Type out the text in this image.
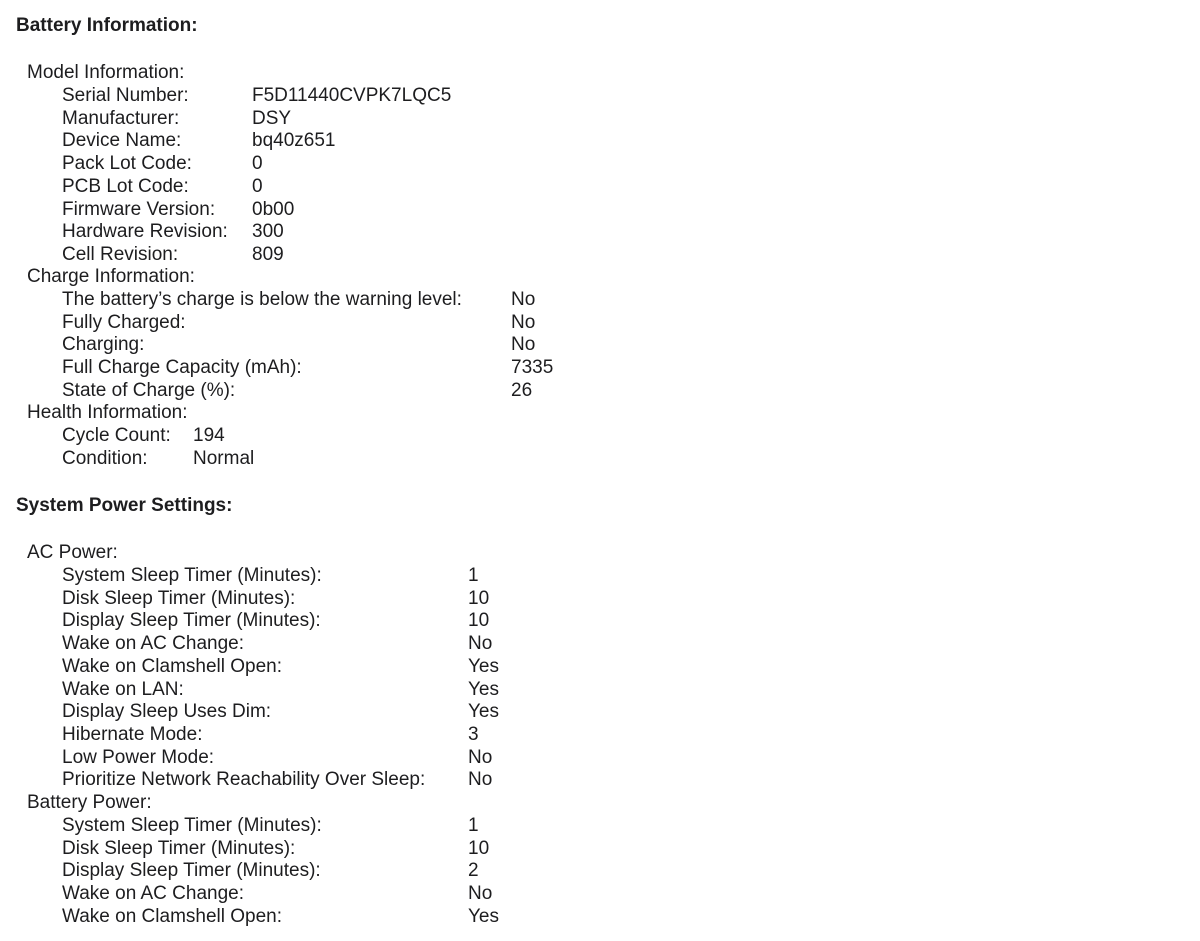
Battery Information:
Model Information:
Serial Number:	F5D11440CVPK7LQC5
Manufacturer:	DSY
Device Name:	bq40z651
Pack Lot Code:	0
PCB Lot Code:	0
Firmware Version: 0b00
Hardware Revision: 300
Cell Revision:	809
Charge Information:
The battery’s charge is below the warning level:	No
Fully Charged:	No
Charging:	No
Full Charge Capacity (mAh):	7335
State of Charge (%):	26
Health Information:
Cycle Count: 194
Condition: Normal
System Power Settings:
AC Power:
System Sleep Timer (Minutes):	1
Disk Sleep Timer (Minutes):	10
Display Sleep Timer (Minutes):	10
Wake on AC Change:	No
Wake on Clamshell Open:	Yes
Wake on LAN:	Yes
Display Sleep Uses Dim:	Yes
Hibernate Mode:	3
Low Power Mode:	No
Prioritize Network Reachability Over Sleep: No
Battery Power:
System Sleep Timer (Minutes):	1
Disk Sleep Timer (Minutes):	10
Display Sleep Timer (Minutes):	2
Wake on AC Change:	No
Wake on Clamshell Open:	Yes
